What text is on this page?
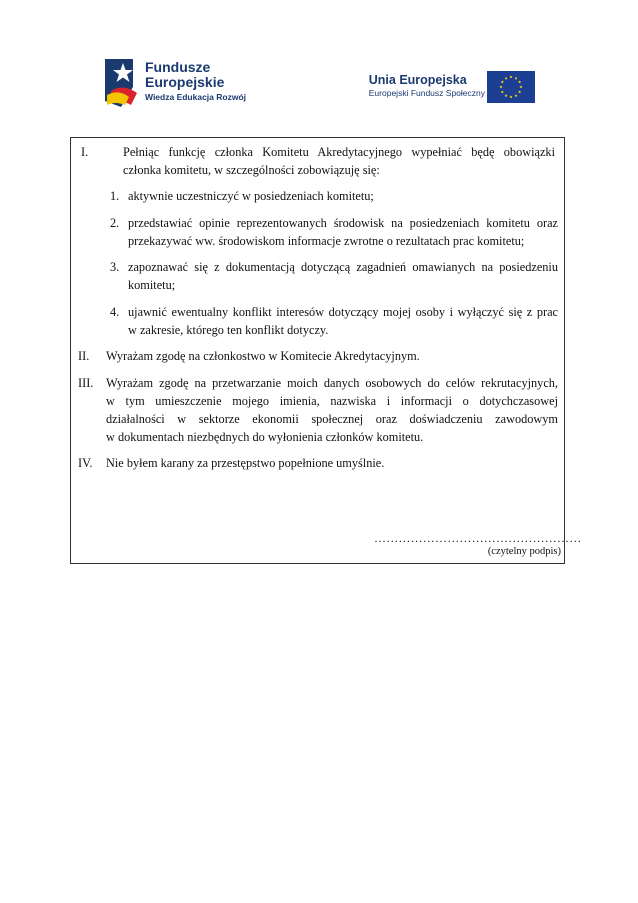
Fundusze
Europejskie
Wiedza Edukacja Rozwój
Unia Europejska
Europejski Fundusz Społeczny
I.	Pełniąc funkcję członka Komitetu Akredytacyjnego wypełniać będę obowiązki
członka komitetu, w szczególności zobowiązuję się:
1. aktywnie uczestniczyć w posiedzeniach komitetu;
2. przedstawiać opinie reprezentowanych środowisk na posiedzeniach komitetu oraz
przekazywać ww. środowiskom informacje zwrotne o rezultatach prac komitetu;
3. zapoznawać się z dokumentacją dotyczącą zagadnień omawianych na posiedzeniu
komitetu;
4. ujawnić ewentualny konflikt interesów dotyczący mojej osoby i wyłączyć się z prac
w zakresie, którego ten konflikt dotyczy.
II. Wyrażam zgodę na członkostwo w Komitecie Akredytacyjnym.
III. Wyrażam zgodę na przetwarzanie moich danych osobowych do celów rekrutacyjnych,
w tym umieszczenie mojego imienia, nazwiska i informacji o dotychczasowej
działalności w sektorze ekonomii społecznej oraz doświadczeniu zawodowym
w dokumentach niezbędnych do wyłonienia członków komitetu.
IV. Nie byłem karany za przestępstwo popełnione umyślnie.
……………………………………………
(czytelny podpis)
